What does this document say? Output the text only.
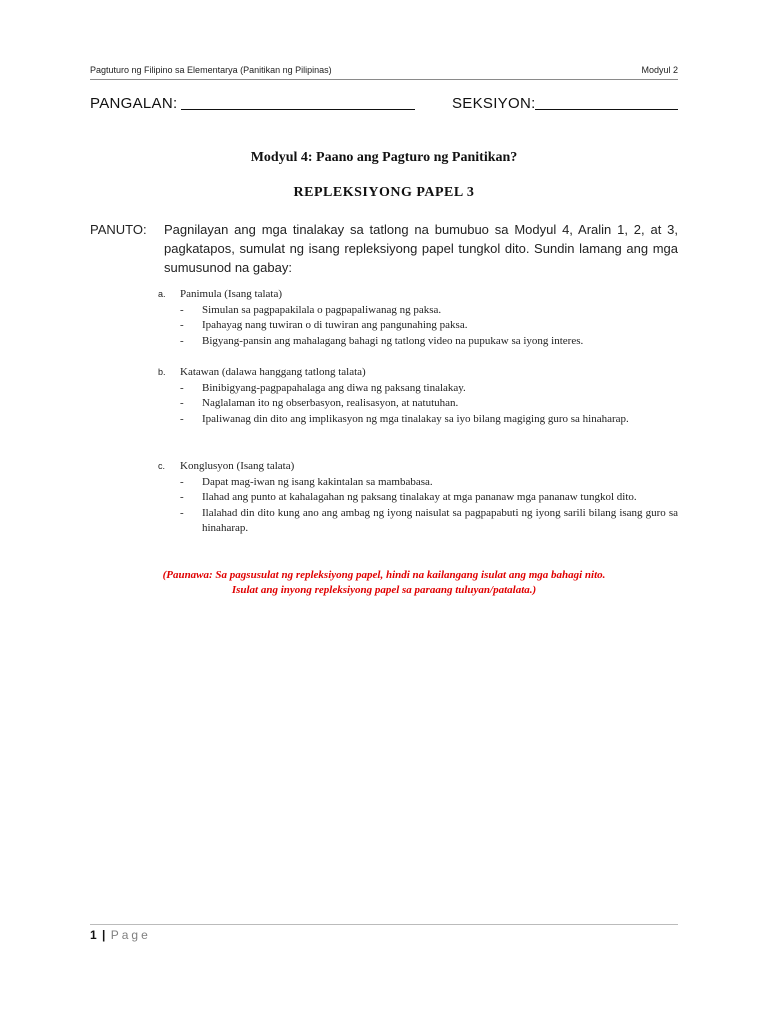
Pagtuturo ng Filipino sa Elementarya (Panitikan ng Pilipinas)	Modyul 2
PANGALAN:	SEKSIYON:
Modyul 4: Paano ang Pagturo ng Panitikan?
REPLEKSIYONG PAPEL 3
PANUTO: Pagnilayan ang mga tinalakay sa tatlong na bumubuo sa Modyul 4, Aralin 1, 2, at 3, pagkatapos, sumulat ng isang repleksiyong papel tungkol dito. Sundin lamang ang mga sumusunod na gabay:
a. Panimula (Isang talata)
- Simulan sa pagpapakilala o pagpapaliwanag ng paksa.
- Ipahayag nang tuwiran o di tuwiran ang pangunahing paksa.
- Bigyang-pansin ang mahalagang bahagi ng tatlong video na pupukaw sa iyong interes.
b. Katawan (dalawa hanggang tatlong talata)
- Binibigyang-pagpapahalaga ang diwa ng paksang tinalakay.
- Naglalaman ito ng obserbasyon, realisasyon, at natutuhan.
- Ipaliwanag din dito ang implikasyon ng mga tinalakay sa iyo bilang magiging guro sa hinaharap.
c. Konglusyon (Isang talata)
- Dapat mag-iwan ng isang kakintalan sa mambabasa.
- Ilahad ang punto at kahalagahan ng paksang tinalakay at mga pananaw mga pananaw tungkol dito.
- Ilalahad din dito kung ano ang ambag ng iyong naisulat sa pagpapabuti ng iyong sarili bilang isang guro sa hinaharap.
(Paunawa: Sa pagsusulat ng repleksiyong papel, hindi na kailangang isulat ang mga bahagi nito.
Isulat ang inyong repleksiyong papel sa paraang tuluyan/patalata.)
1 | Page
